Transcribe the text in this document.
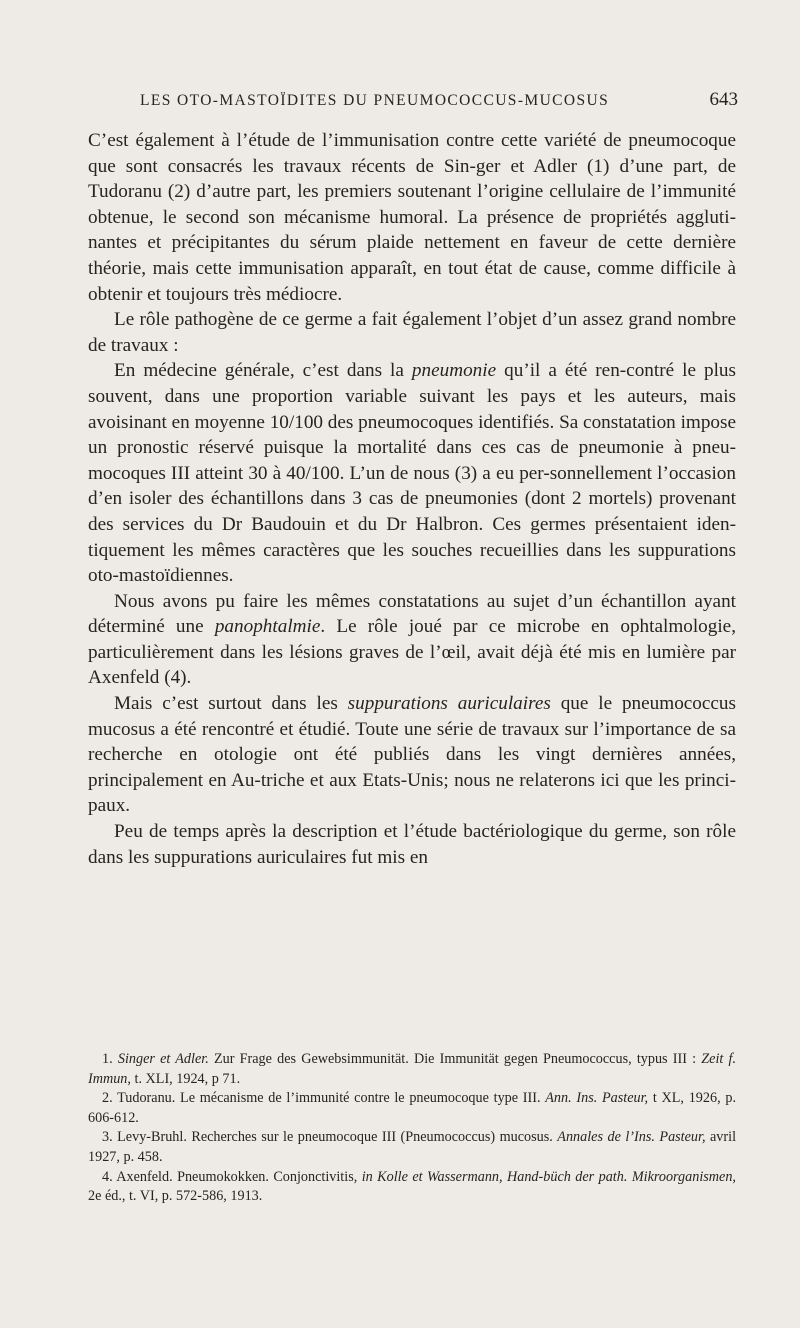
LES OTO-MASTOÏDITES DU PNEUMOCOCCUS-MUCOSUS	643

C’est également à l’étude de l’immunisation contre cette variété de pneumocoque que sont consacrés les travaux récents de Sin-ger et Adler (1) d’une part, de Tudoranu (2) d’autre part, les premiers soutenant l’origine cellulaire de l’immunité obtenue, le second son mécanisme humoral. La présence de propriétés aggluti-nantes et précipitantes du sérum plaide nettement en faveur de cette dernière théorie, mais cette immunisation apparaît, en tout état de cause, comme difficile à obtenir et toujours très médiocre.

Le rôle pathogène de ce germe a fait également l’objet d’un assez grand nombre de travaux :

En médecine générale, c’est dans la pneumonie qu’il a été ren-contré le plus souvent, dans une proportion variable suivant les pays et les auteurs, mais avoisinant en moyenne 10/100 des pneumocoques identifiés. Sa constatation impose un pronostic réservé puisque la mortalité dans ces cas de pneumonie à pneu-mocoques III atteint 30 à 40/100. L’un de nous (3) a eu per-sonnellement l’occasion d’en isoler des échantillons dans 3 cas de pneumonies (dont 2 mortels) provenant des services du Dr Baudouin et du Dr Halbron. Ces germes présentaient iden-tiquement les mêmes caractères que les souches recueillies dans les suppurations oto-mastoïdiennes.

Nous avons pu faire les mêmes constatations au sujet d’un échantillon ayant déterminé une panophtalmie. Le rôle joué par ce microbe en ophtalmologie, particulièrement dans les lésions graves de l’œil, avait déjà été mis en lumière par Axenfeld (4).

Mais c’est surtout dans les suppurations auriculaires que le pneumococcus mucosus a été rencontré et étudié. Toute une série de travaux sur l’importance de sa recherche en otologie ont été publiés dans les vingt dernières années, principalement en Au-triche et aux Etats-Unis; nous ne relaterons ici que les princi-paux.

Peu de temps après la description et l’étude bactériologique du germe, son rôle dans les suppurations auriculaires fut mis en

1. Singer et Adler. Zur Frage des Gewebsimmunität. Die Immunität gegen Pneumococcus, typus III : Zeit f. Immun, t. XLI, 1924, p 71.

2. Tudoranu. Le mécanisme de l’immunité contre le pneumocoque type III. Ann. Ins. Pasteur, t XL, 1926, p. 606-612.

3. Levy-Bruhl. Recherches sur le pneumocoque III (Pneumococcus) mucosus. Annales de l’Ins. Pasteur, avril 1927, p. 458.

4. Axenfeld. Pneumokokken. Conjonctivitis, in Kolle et Wassermann, Hand-büch der path. Mikroorganismen, 2e éd., t. VI, p. 572-586, 1913.
